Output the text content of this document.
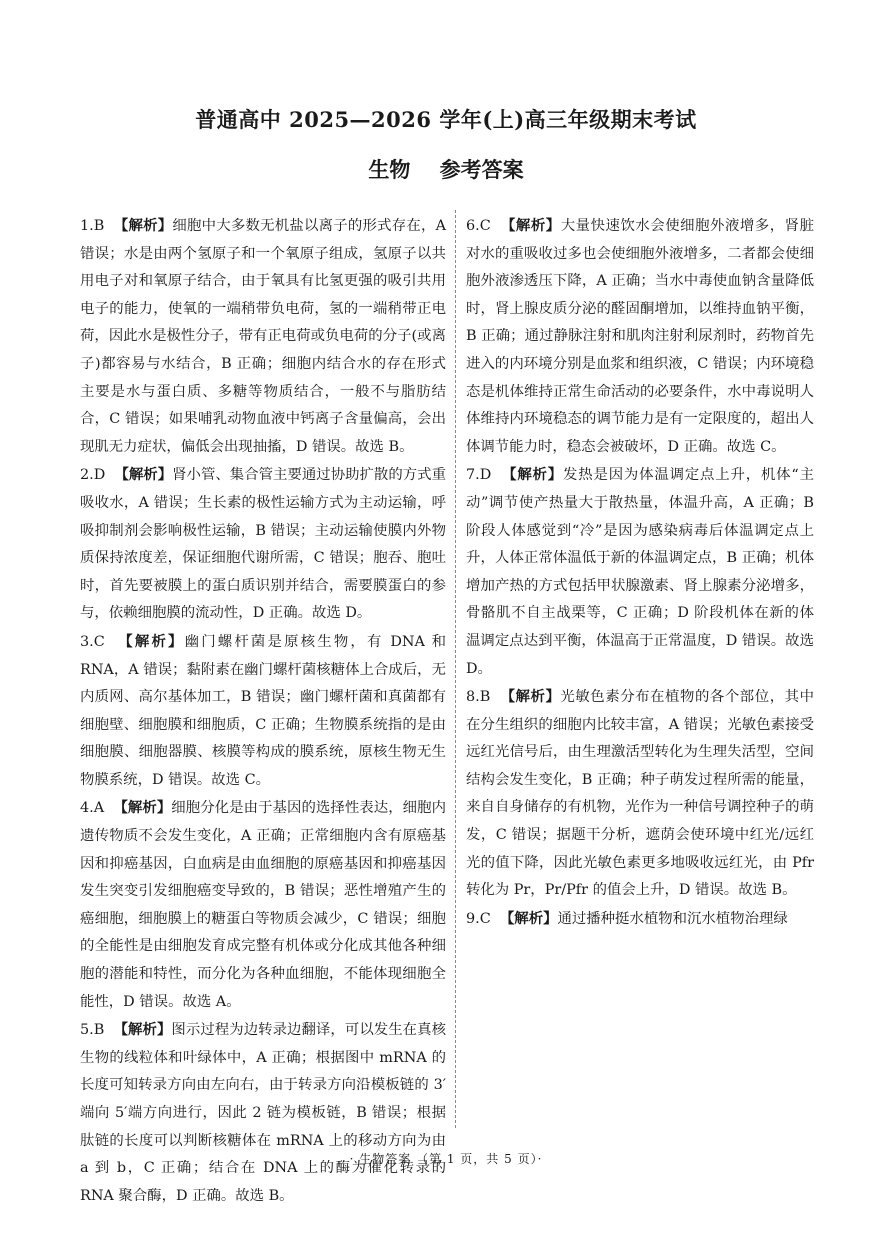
普通高中 2025—2026 学年(上)高三年级期末考试
生物    参考答案

1.B 【解析】细胞中大多数无机盐以离子的形式存在，A 错误；水是由两个氢原子和一个氧原子组成，氢原子以共用电子对和氧原子结合，由于氧具有比氢更强的吸引共用电子的能力，使氧的一端稍带负电荷，氢的一端稍带正电荷，因此水是极性分子，带有正电荷或负电荷的分子(或离子)都容易与水结合，B 正确；细胞内结合水的存在形式主要是水与蛋白质、多糖等物质结合，一般不与脂肪结合，C 错误；如果哺乳动物血液中钙离子含量偏高，会出现肌无力症状，偏低会出现抽搐，D 错误。故选 B。

2.D 【解析】肾小管、集合管主要通过协助扩散的方式重吸收水，A 错误；生长素的极性运输方式为主动运输，呼吸抑制剂会影响极性运输，B 错误；主动运输使膜内外物质保持浓度差，保证细胞代谢所需，C 错误；胞吞、胞吐时，首先要被膜上的蛋白质识别并结合，需要膜蛋白的参与，依赖细胞膜的流动性，D 正确。故选 D。

3.C 【解析】幽门螺杆菌是原核生物，有 DNA 和 RNA，A 错误；黏附素在幽门螺杆菌核糖体上合成后，无内质网、高尔基体加工，B 错误；幽门螺杆菌和真菌都有细胞壁、细胞膜和细胞质，C 正确；生物膜系统指的是由细胞膜、细胞器膜、核膜等构成的膜系统，原核生物无生物膜系统，D 错误。故选 C。

4.A 【解析】细胞分化是由于基因的选择性表达，细胞内遗传物质不会发生变化，A 正确；正常细胞内含有原癌基因和抑癌基因，白血病是由血细胞的原癌基因和抑癌基因发生突变引发细胞癌变导致的，B 错误；恶性增殖产生的癌细胞，细胞膜上的糖蛋白等物质会减少，C 错误；细胞的全能性是由细胞发育成完整有机体或分化成其他各种细胞的潜能和特性，而分化为各种血细胞，不能体现细胞全能性，D 错误。故选 A。

5.B 【解析】图示过程为边转录边翻译，可以发生在真核生物的线粒体和叶绿体中，A 正确；根据图中 mRNA 的长度可知转录方向由左向右，由于转录方向沿模板链的 3′端向 5′端方向进行，因此 2 链为模板链，B 错误；根据肽链的长度可以判断核糖体在 mRNA 上的移动方向为由 a 到 b，C 正确；结合在 DNA 上的酶为催化转录的 RNA 聚合酶，D 正确。故选 B。

6.C 【解析】大量快速饮水会使细胞外液增多，肾脏对水的重吸收过多也会使细胞外液增多，二者都会使细胞外液渗透压下降，A 正确；当水中毒使血钠含量降低时，肾上腺皮质分泌的醛固酮增加，以维持血钠平衡，B 正确；通过静脉注射和肌肉注射利尿剂时，药物首先进入的内环境分别是血浆和组织液，C 错误；内环境稳态是机体维持正常生命活动的必要条件，水中毒说明人体维持内环境稳态的调节能力是有一定限度的，超出人体调节能力时，稳态会被破坏，D 正确。故选 C。

7.D 【解析】发热是因为体温调定点上升，机体“主动”调节使产热量大于散热量，体温升高，A 正确；B 阶段人体感觉到“冷”是因为感染病毒后体温调定点上升，人体正常体温低于新的体温调定点，B 正确；机体增加产热的方式包括甲状腺激素、肾上腺素分泌增多，骨骼肌不自主战栗等，C 正确；D 阶段机体在新的体温调定点达到平衡，体温高于正常温度，D 错误。故选 D。

8.B 【解析】光敏色素分布在植物的各个部位，其中在分生组织的细胞内比较丰富，A 错误；光敏色素接受远红光信号后，由生理激活型转化为生理失活型，空间结构会发生变化，B 正确；种子萌发过程所需的能量，来自自身储存的有机物，光作为一种信号调控种子的萌发，C 错误；据题干分析，遮荫会使环境中红光/远红光的值下降，因此光敏色素更多地吸收远红光，由 Pfr 转化为 Pr，Pr/Pfr 的值会上升，D 错误。故选 B。

9.C 【解析】通过播种挺水植物和沉水植物治理绿

· 生物答案 （第 1 页，共 5 页）·
